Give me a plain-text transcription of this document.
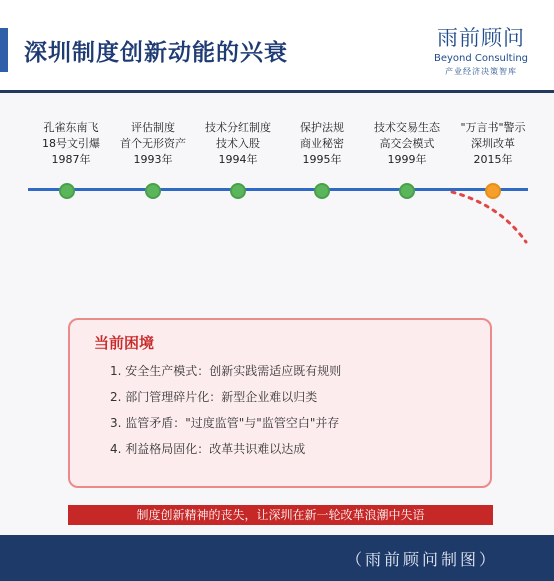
深圳制度创新动能的兴衰
雨前顾问
Beyond Consulting
产业经济决策智库
孔雀东南飞
18号文引爆
1987年
评估制度
首个无形资产
1993年
技术分红制度
技术入股
1994年
保护法规
商业秘密
1995年
技术交易生态
高交会模式
1999年
"万言书"警示
深圳改革
2015年
当前困境
1. 安全生产模式：创新实践需适应既有规则
2. 部门管理碎片化：新型企业难以归类
3. 监管矛盾："过度监管"与"监管空白"并存
4. 利益格局固化：改革共识难以达成
制度创新精神的丧失，让深圳在新一轮改革浪潮中失语
（雨前顾问制图）
